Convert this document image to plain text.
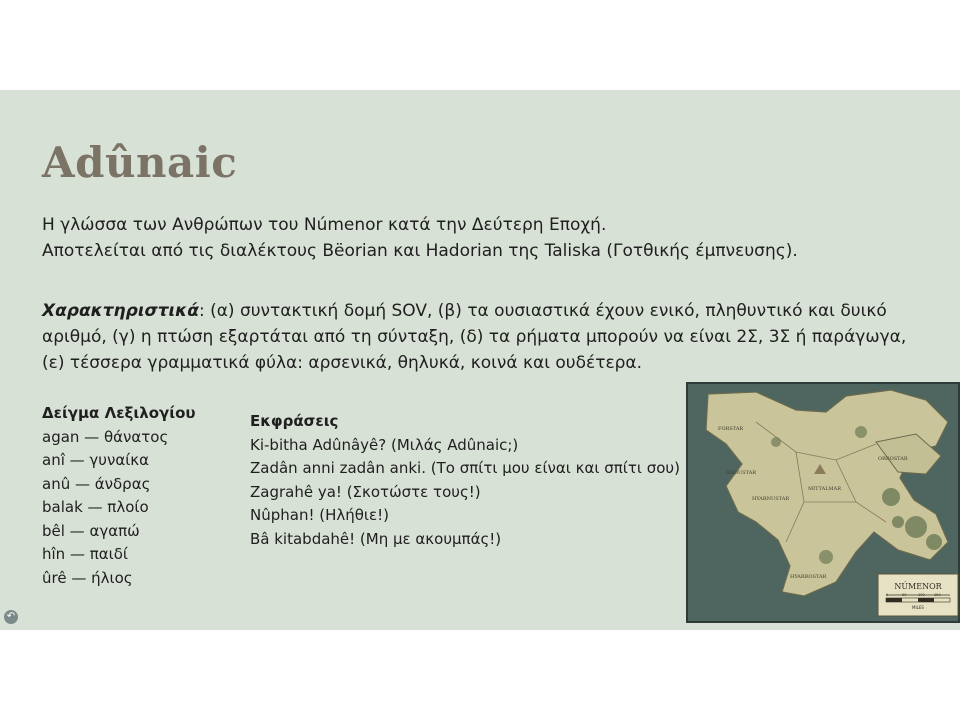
Adûnaic
Η γλώσσα των Ανθρώπων του Númenor κατά την Δεύτερη Εποχή.
Αποτελείται από τις διαλέκτους Bëorian και Hadorian της Taliska (Γοτθικής έμπνευσης).
Χαρακτηριστικά: (α) συντακτική δομή SOV, (β) τα ουσιαστικά έχουν ενικό, πληθυντικό και δυικό αριθμό, (γ) η πτώση εξαρτάται από τη σύνταξη, (δ) τα ρήματα μπορούν να είναι 2Σ, 3Σ ή παράγωγα, (ε) τέσσερα γραμματικά φύλα: αρσενικά, θηλυκά, κοινά και ουδέτερα.
Δείγμα Λεξιλογίου
agan — θάνατος
anî — γυναίκα
anû — άνδρας
balak — πλοίο
bêl — αγαπώ
hîn — παιδί
ûrê — ήλιος
Εκφράσεις
Ki-bitha Adûnâyê? (Μιλάς Adûnaic;)
Zadân anni zadân anki. (Το σπίτι μου είναι και σπίτι σου)
Zagrahê ya! (Σκοτώστε τους!)
Nûphan! (Ηλήθιε!)
Bâ kitabdahê! (Μη με ακουμπάς!)
FORSTAR
ORROSTAR
HYARNUSTAR
MITTALMAR
ANDUSTAR
HYARROSTAR
NÚMENOR
0	50	100	150
MILES
↶
